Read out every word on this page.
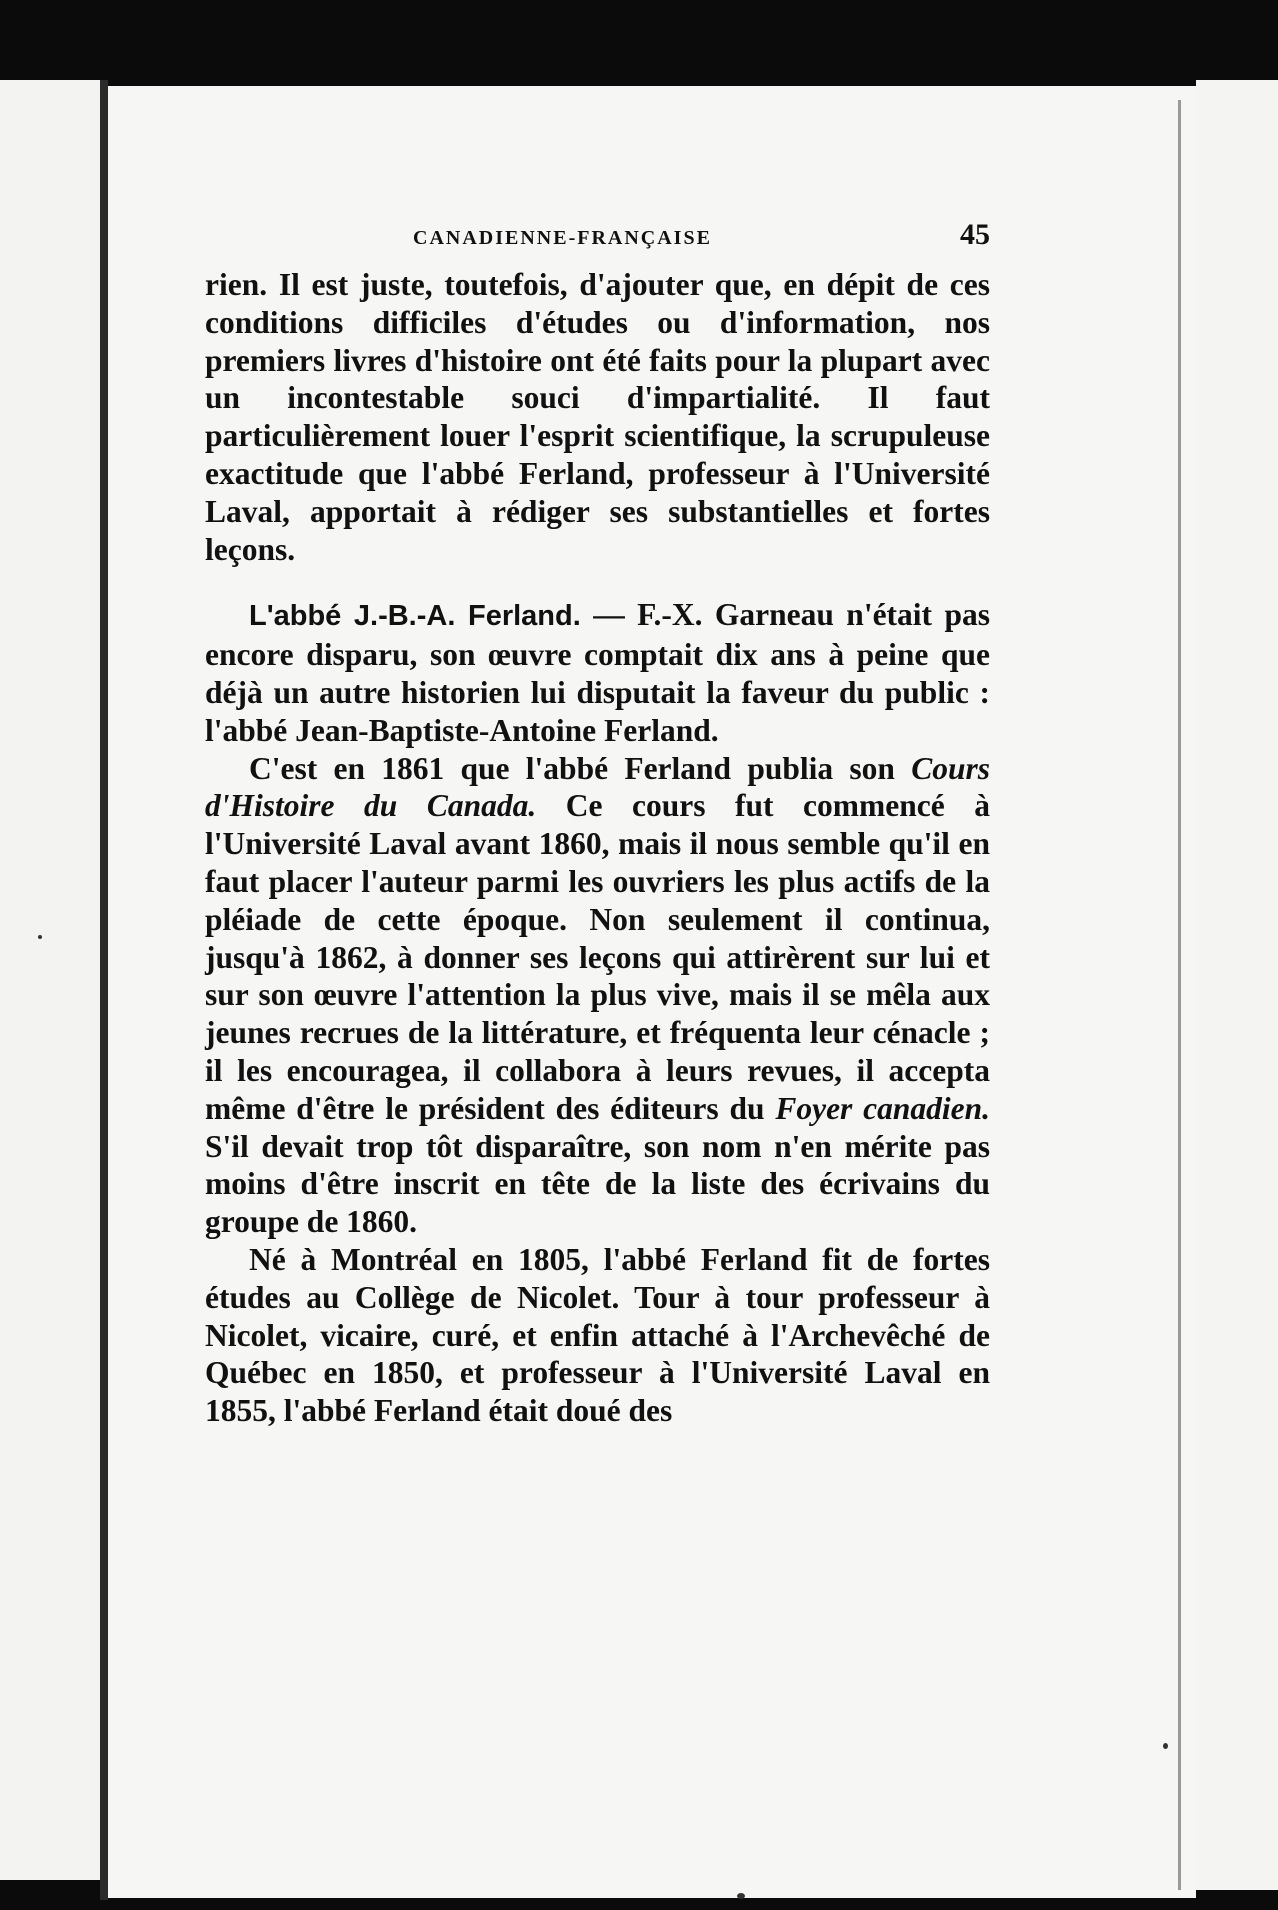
CANADIENNE-FRANÇAISE	45

rien. Il est juste, toutefois, d'ajouter que, en dépit de ces conditions difficiles d'études ou d'information, nos premiers livres d'histoire ont été faits pour la plupart avec un incontestable souci d'impartialité. Il faut particulièrement louer l'esprit scientifique, la scrupuleuse exactitude que l'abbé Ferland, professeur à l'Université Laval, apportait à rédiger ses substantielles et fortes leçons.

L'abbé J.-B.-A. Ferland. — F.-X. Garneau n'était pas encore disparu, son œuvre comptait dix ans à peine que déjà un autre historien lui disputait la faveur du public : l'abbé Jean-Baptiste-Antoine Ferland.

C'est en 1861 que l'abbé Ferland publia son Cours d'Histoire du Canada. Ce cours fut commencé à l'Université Laval avant 1860, mais il nous semble qu'il en faut placer l'auteur parmi les ouvriers les plus actifs de la pléiade de cette époque. Non seulement il continua, jusqu'à 1862, à donner ses leçons qui attirèrent sur lui et sur son œuvre l'attention la plus vive, mais il se mêla aux jeunes recrues de la littérature, et fréquenta leur cénacle ; il les encouragea, il collabora à leurs revues, il accepta même d'être le président des éditeurs du Foyer canadien. S'il devait trop tôt disparaître, son nom n'en mérite pas moins d'être inscrit en tête de la liste des écrivains du groupe de 1860.

Né à Montréal en 1805, l'abbé Ferland fit de fortes études au Collège de Nicolet. Tour à tour professeur à Nicolet, vicaire, curé, et enfin attaché à l'Archevêché de Québec en 1850, et professeur à l'Université Laval en 1855, l'abbé Ferland était doué des
